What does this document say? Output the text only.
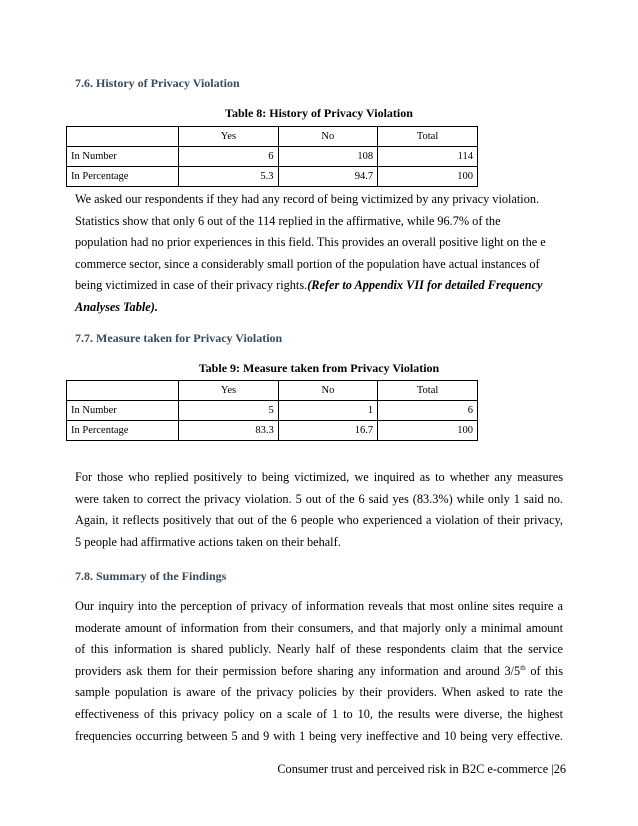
7.6. History of Privacy Violation
Table 8: History of Privacy Violation
	Yes	No	Total
In Number	6	108	114
In Percentage	5.3	94.7	100
We asked our respondents if they had any record of being victimized by any privacy violation.
Statistics show that only 6 out of the 114 replied in the affirmative, while 96.7% of the
population had no prior experiences in this field. This provides an overall positive light on the e
commerce sector, since a considerably small portion of the population have actual instances of
being victimized in case of their privacy rights.(Refer to Appendix VII for detailed Frequency
Analyses Table).
7.7. Measure taken for Privacy Violation
Table 9: Measure taken from Privacy Violation
	Yes	No	Total
In Number	5	1	6
In Percentage	83.3	16.7	100
For those who replied positively to being victimized, we inquired as to whether any measures
were taken to correct the privacy violation. 5 out of the 6 said yes (83.3%) while only 1 said no.
Again, it reflects positively that out of the 6 people who experienced a violation of their privacy,
5 people had affirmative actions taken on their behalf.
7.8. Summary of the Findings
Our inquiry into the perception of privacy of information reveals that most online sites require a
moderate amount of information from their consumers, and that majorly only a minimal amount
of this information is shared publicly. Nearly half of these respondents claim that the service
providers ask them for their permission before sharing any information and around 3/5th of this
sample population is aware of the privacy policies by their providers. When asked to rate the
effectiveness of this privacy policy on a scale of 1 to 10, the results were diverse, the highest
frequencies occurring between 5 and 9 with 1 being very ineffective and 10 being very effective.
Consumer trust and perceived risk in B2C e-commerce |26
